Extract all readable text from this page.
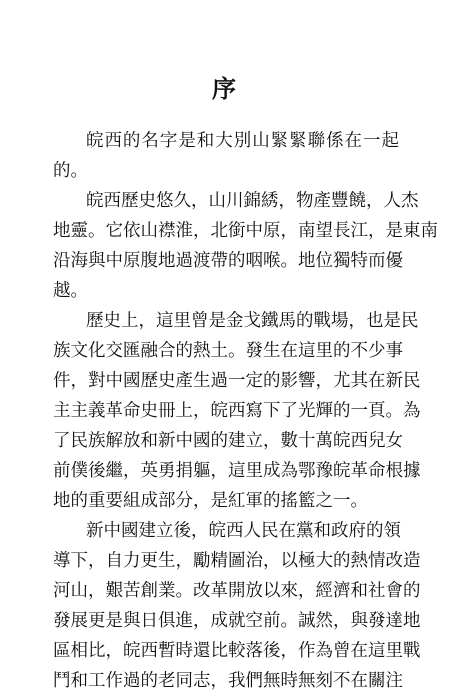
序
皖西的名字是和大別山緊緊聯係在一起
的。
皖西歷史悠久，山川錦綉，物產豐饒，人杰
地靈。它依山襟淮，北銜中原，南望長江，是東南
沿海與中原腹地過渡帶的咽喉。地位獨特而優
越。
歷史上，這里曾是金戈鐵馬的戰場，也是民
族文化交匯融合的熱土。發生在這里的不少事
件，對中國歷史產生過一定的影響，尤其在新民
主主義革命史冊上，皖西寫下了光輝的一頁。為
了民族解放和新中國的建立，數十萬皖西兒女
前僕後繼，英勇捐軀，這里成為鄂豫皖革命根據
地的重要組成部分，是紅軍的搖籃之一。
新中國建立後，皖西人民在黨和政府的領
導下，自力更生，勵精圖治，以極大的熱情改造
河山，艱苦創業。改革開放以來，經濟和社會的
發展更是與日俱進，成就空前。誠然，與發達地
區相比，皖西暫時還比較落後，作為曾在這里戰
鬥和工作過的老同志，我們無時無刻不在關注
